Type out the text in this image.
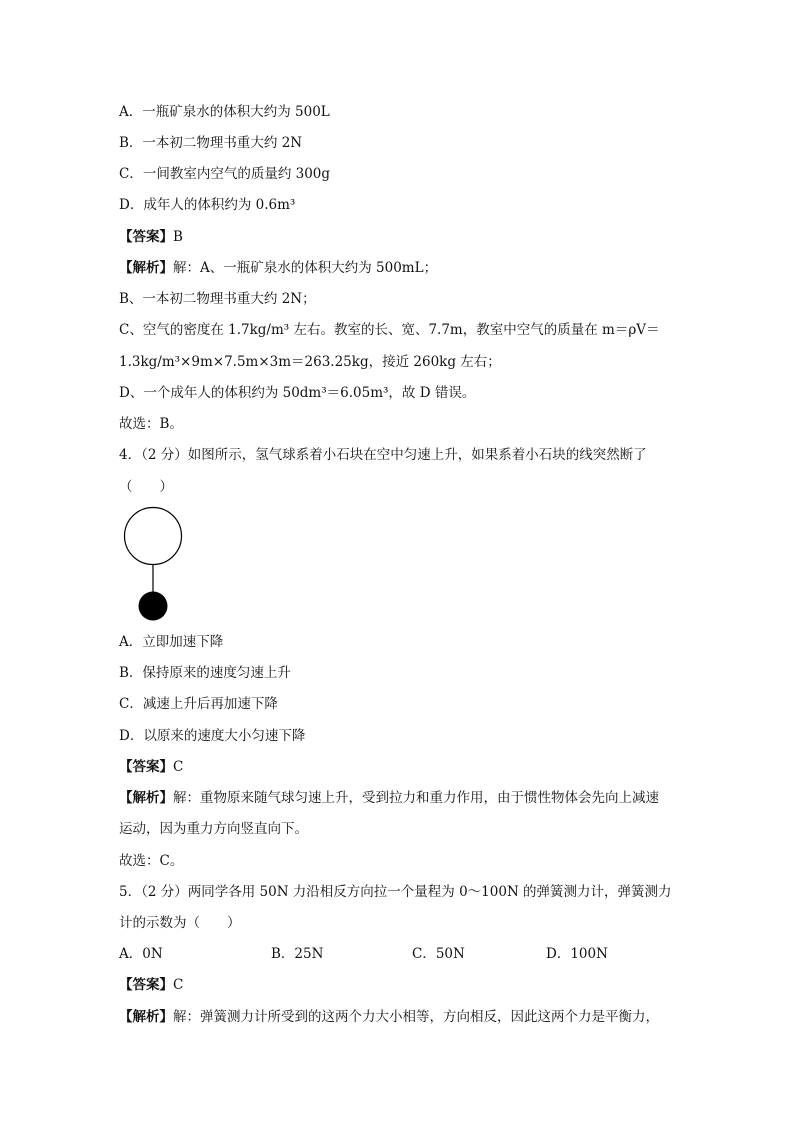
A．一瓶矿泉水的体积大约为 500L
B．一本初二物理书重大约 2N
C．一间教室内空气的质量约 300g
D．成年人的体积约为 0.6m³
【答案】B
【解析】解：A、一瓶矿泉水的体积大约为 500mL；
B、一本初二物理书重大约 2N；
C、空气的密度在 1.7kg/m³ 左右。教室的长、宽、7.7m，教室中空气的质量在 m＝ρV＝
1.3kg/m³×9m×7.5m×3m＝263.25kg，接近 260kg 左右；
D、一个成年人的体积约为 50dm³＝6.05m³，故 D 错误。
故选：B。
4．（2 分）如图所示，氢气球系着小石块在空中匀速上升，如果系着小石块的线突然断了
（　　）
A．立即加速下降
B．保持原来的速度匀速上升
C．减速上升后再加速下降
D．以原来的速度大小匀速下降
【答案】C
【解析】解：重物原来随气球匀速上升，受到拉力和重力作用，由于惯性物体会先向上减速
运动，因为重力方向竖直向下。
故选：C。
5．（2 分）两同学各用 50N 力沿相反方向拉一个量程为 0～100N 的弹簧测力计，弹簧测力
计的示数为（　　）
A．0N	B．25N	C．50N	D．100N
【答案】C
【解析】解：弹簧测力计所受到的这两个力大小相等，方向相反，因此这两个力是平衡力，
